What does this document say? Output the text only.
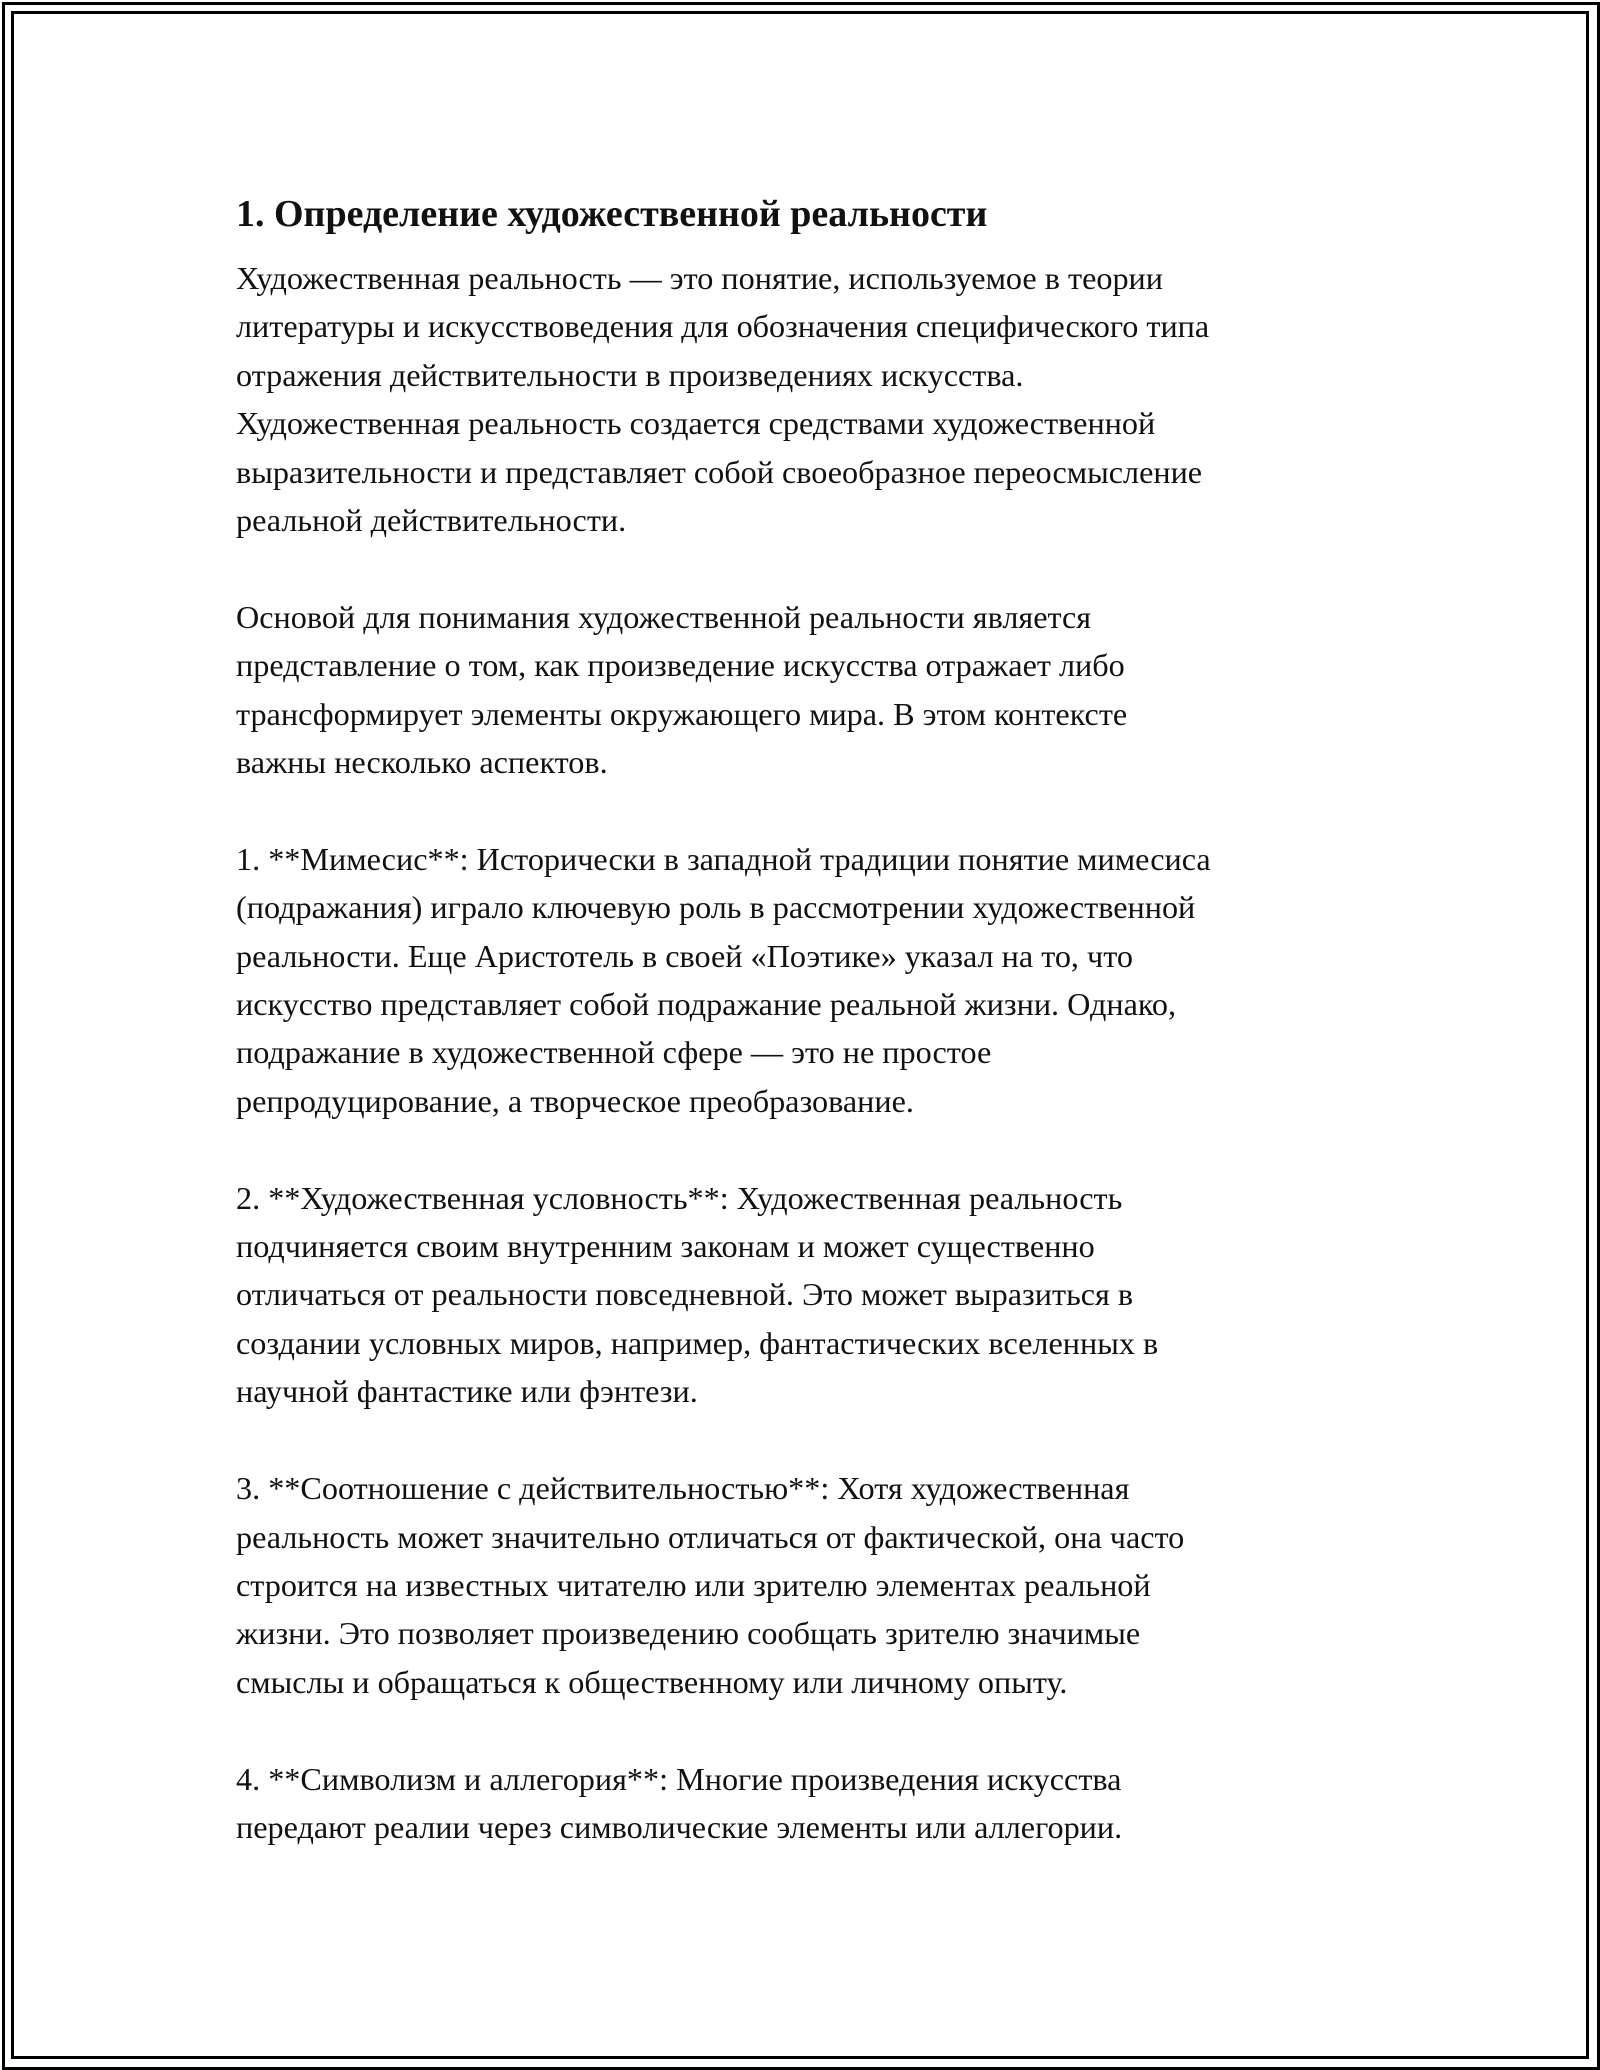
1. Определение художественной реальности
Художественная реальность — это понятие, используемое в теории
литературы и искусствоведения для обозначения специфического типа
отражения действительности в произведениях искусства.
Художественная реальность создается средствами художественной
выразительности и представляет собой своеобразное переосмысление
реальной действительности.
Основой для понимания художественной реальности является
представление о том, как произведение искусства отражает либо
трансформирует элементы окружающего мира. В этом контексте
важны несколько аспектов.
1. **Мимесис**: Исторически в западной традиции понятие мимесиса
(подражания) играло ключевую роль в рассмотрении художественной
реальности. Еще Аристотель в своей «Поэтике» указал на то, что
искусство представляет собой подражание реальной жизни. Однако,
подражание в художественной сфере — это не простое
репродуцирование, а творческое преобразование.
2. **Художественная условность**: Художественная реальность
подчиняется своим внутренним законам и может существенно
отличаться от реальности повседневной. Это может выразиться в
создании условных миров, например, фантастических вселенных в
научной фантастике или фэнтези.
3. **Соотношение с действительностью**: Хотя художественная
реальность может значительно отличаться от фактической, она часто
строится на известных читателю или зрителю элементах реальной
жизни. Это позволяет произведению сообщать зрителю значимые
смыслы и обращаться к общественному или личному опыту.
4. **Символизм и аллегория**: Многие произведения искусства
передают реалии через символические элементы или аллегории.
